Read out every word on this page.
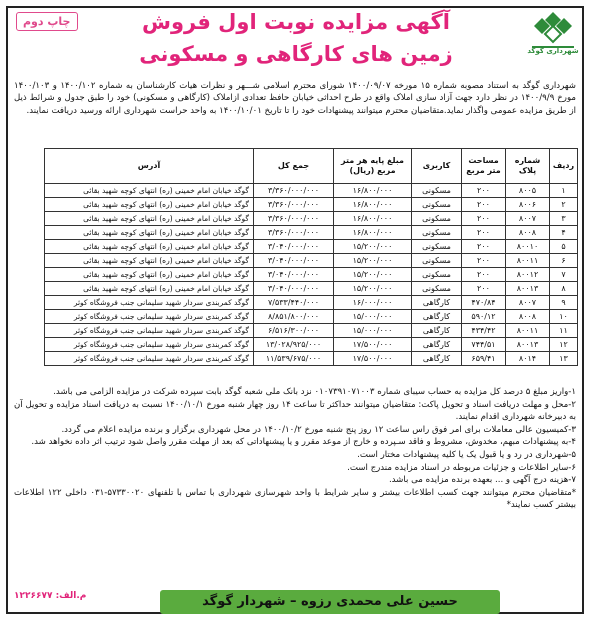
شهرداری گوگد
چاپ دوم	آگهی مزایده نوبت اول فروش
زمین های کارگاهی و مسکونی
شهرداری گوگد به استناد مصوبه شماره ۱۵ مورخه ۱۴۰۰/۰۹/۰۷ شورای محترم اسلامی شـــهر و نظرات هیات کارشناسان به شماره ۱۴۰۰/۱۰۲ و ۱۴۰۰/۱۰۳ مورخ ۱۴۰۰/۹/۹ در نظر دارد جهت آزاد سازی املاک واقع در طرح احداثی خیابان حافظ تعدادی ازاملاک (کارگاهی و مسکونی) خود را طبق جدول و شرائط ذیل از طریق مزایده عمومی واگذار نماید.متقاضیان محترم میتوانند پیشنهادات خود را تا تاریخ ۱۴۰۰/۱۰/۰۱ به واحد حراست شهرداری ارائه ورسید دریافت نمایند.
ردیف	شماره پلاک	مساحت متر مربع	کاربری	مبلغ پایه هر متر مربع (ریال)	جمع کل	آدرس
۱	۸۰۰۵	۲۰۰	مسکونی	۱۶/۸۰۰/۰۰۰	۳/۳۶۰/۰۰۰/۰۰۰	گوگد خیابان امام خمینی (ره) انتهای کوچه شهید بقائی
۲	۸۰۰۶	۲۰۰	مسکونی	۱۶/۸۰۰/۰۰۰	۳/۳۶۰/۰۰۰/۰۰۰	گوگد خیابان امام خمینی (ره) انتهای کوچه شهید بقائی
۳	۸۰۰۷	۲۰۰	مسکونی	۱۶/۸۰۰/۰۰۰	۳/۳۶۰/۰۰۰/۰۰۰	گوگد خیابان امام خمینی (ره) انتهای کوچه شهید بقائی
۴	۸۰۰۸	۲۰۰	مسکونی	۱۶/۸۰۰/۰۰۰	۳/۳۶۰/۰۰۰/۰۰۰	گوگد خیابان امام خمینی (ره) انتهای کوچه شهید بقائی
۵	۸۰۰۱۰	۲۰۰	مسکونی	۱۵/۲۰۰/۰۰۰	۳/۰۴۰/۰۰۰/۰۰۰	گوگد خیابان امام خمینی (ره) انتهای کوچه شهید بقائی
۶	۸۰۰۱۱	۲۰۰	مسکونی	۱۵/۲۰۰/۰۰۰	۳/۰۴۰/۰۰۰/۰۰۰	گوگد خیابان امام خمینی (ره) انتهای کوچه شهید بقائی
۷	۸۰۰۱۲	۲۰۰	مسکونی	۱۵/۲۰۰/۰۰۰	۳/۰۴۰/۰۰۰/۰۰۰	گوگد خیابان امام خمینی (ره) انتهای کوچه شهید بقائی
۸	۸۰۰۱۳	۲۰۰	مسکونی	۱۵/۲۰۰/۰۰۰	۳/۰۴۰/۰۰۰/۰۰۰	گوگد خیابان امام خمینی (ره) انتهای کوچه شهید بقائی
۹	۸۰۰۷	۴۷۰/۸۴	کارگاهی	۱۶/۰۰۰/۰۰۰	۷/۵۳۳/۴۴۰/۰۰۰	گوگد کمربندی سردار شهید سلیمانی جنب فروشگاه کوثر
۱۰	۸۰۰۸	۵۹۰/۱۲	کارگاهی	۱۵/۰۰۰/۰۰۰	۸/۸۵۱/۸۰۰/۰۰۰	گوگد کمربندی سردار شهید سلیمانی جنب فروشگاه کوثر
۱۱	۸۰۰۱۱	۴۳۴/۴۲	کارگاهی	۱۵/۰۰۰/۰۰۰	۶/۵۱۶/۳۰۰/۰۰۰	گوگد کمربندی سردار شهید سلیمانی جنب فروشگاه کوثر
۱۲	۸۰۰۱۳	۷۴۴/۵۱	کارگاهی	۱۷/۵۰۰/۰۰۰	۱۳/۰۲۸/۹۲۵/۰۰۰	گوگد کمربندی سردار شهید سلیمانی جنب فروشگاه کوثر
۱۳	۸۰۱۴	۶۵۹/۴۱	کارگاهی	۱۷/۵۰۰/۰۰۰	۱۱/۵۳۹/۶۷۵/۰۰۰	گوگد کمربندی سردار شهید سلیمانی جنب فروشگاه کوثر

۱-واریز مبلغ ۵ درصد کل مزایده به حساب سیبای شماره ۰۱۰۷۳۹۱۰۷۱۰۰۳ نزد بانک ملی شعبه گوگد بابت سپرده شرکت در مزایده الزامی می باشد.

۲-محل و مهلت دریافت اسناد و تحویل پاکت: متقاضیان میتوانند حداکثر تا ساعت ۱۴ روز چهار شنبه مورخ ۱۴۰۰/۱۰/۱ نسبت به دریافت اسناد مزایده و تحویل آن به دبیرخانه شهرداری اقدام نمایند.

۳-کمیسیون عالی معاملات برای امر فوق راس ساعت ۱۲ روز پنج شنبه مورخ ۱۴۰۰/۱۰/۲ در محل شهرداری برگزار و برنده مزایده اعلام می گردد.

۴-به پیشنهادات مبهم، مخدوش، مشروط و فاقد سـپرده و خارج از موعد مقرر و یا پیشنهاداتی که بعد از مهلت مقرر واصل شود ترتیب اثر داده نخواهد شد.

۵-شهرداری در رد و یا قبول یک یا کلیه پیشنهادات مختار است.

۶-سایر اطلاعات و جزئیات مربوطه در اسناد مزایده مندرج است.

۷-هزینه درج آگهی و ... بعهده برنده مزایده می باشد.

*متقاضیان محترم میتوانند جهت کسب اطلاعات بیشتر و سایر شرایط با واحد شهرسازی شهرداری با تماس با تلفنهای ۵۷۳۳۰۰۲۰-۰۳۱ داخلی ۱۲۲ اطلاعات بیشتر کسب نمایند*

م.الف: ۱۲۲۶۶۷۷	حسین علی محمدی رزوه – شهردار گوگد
